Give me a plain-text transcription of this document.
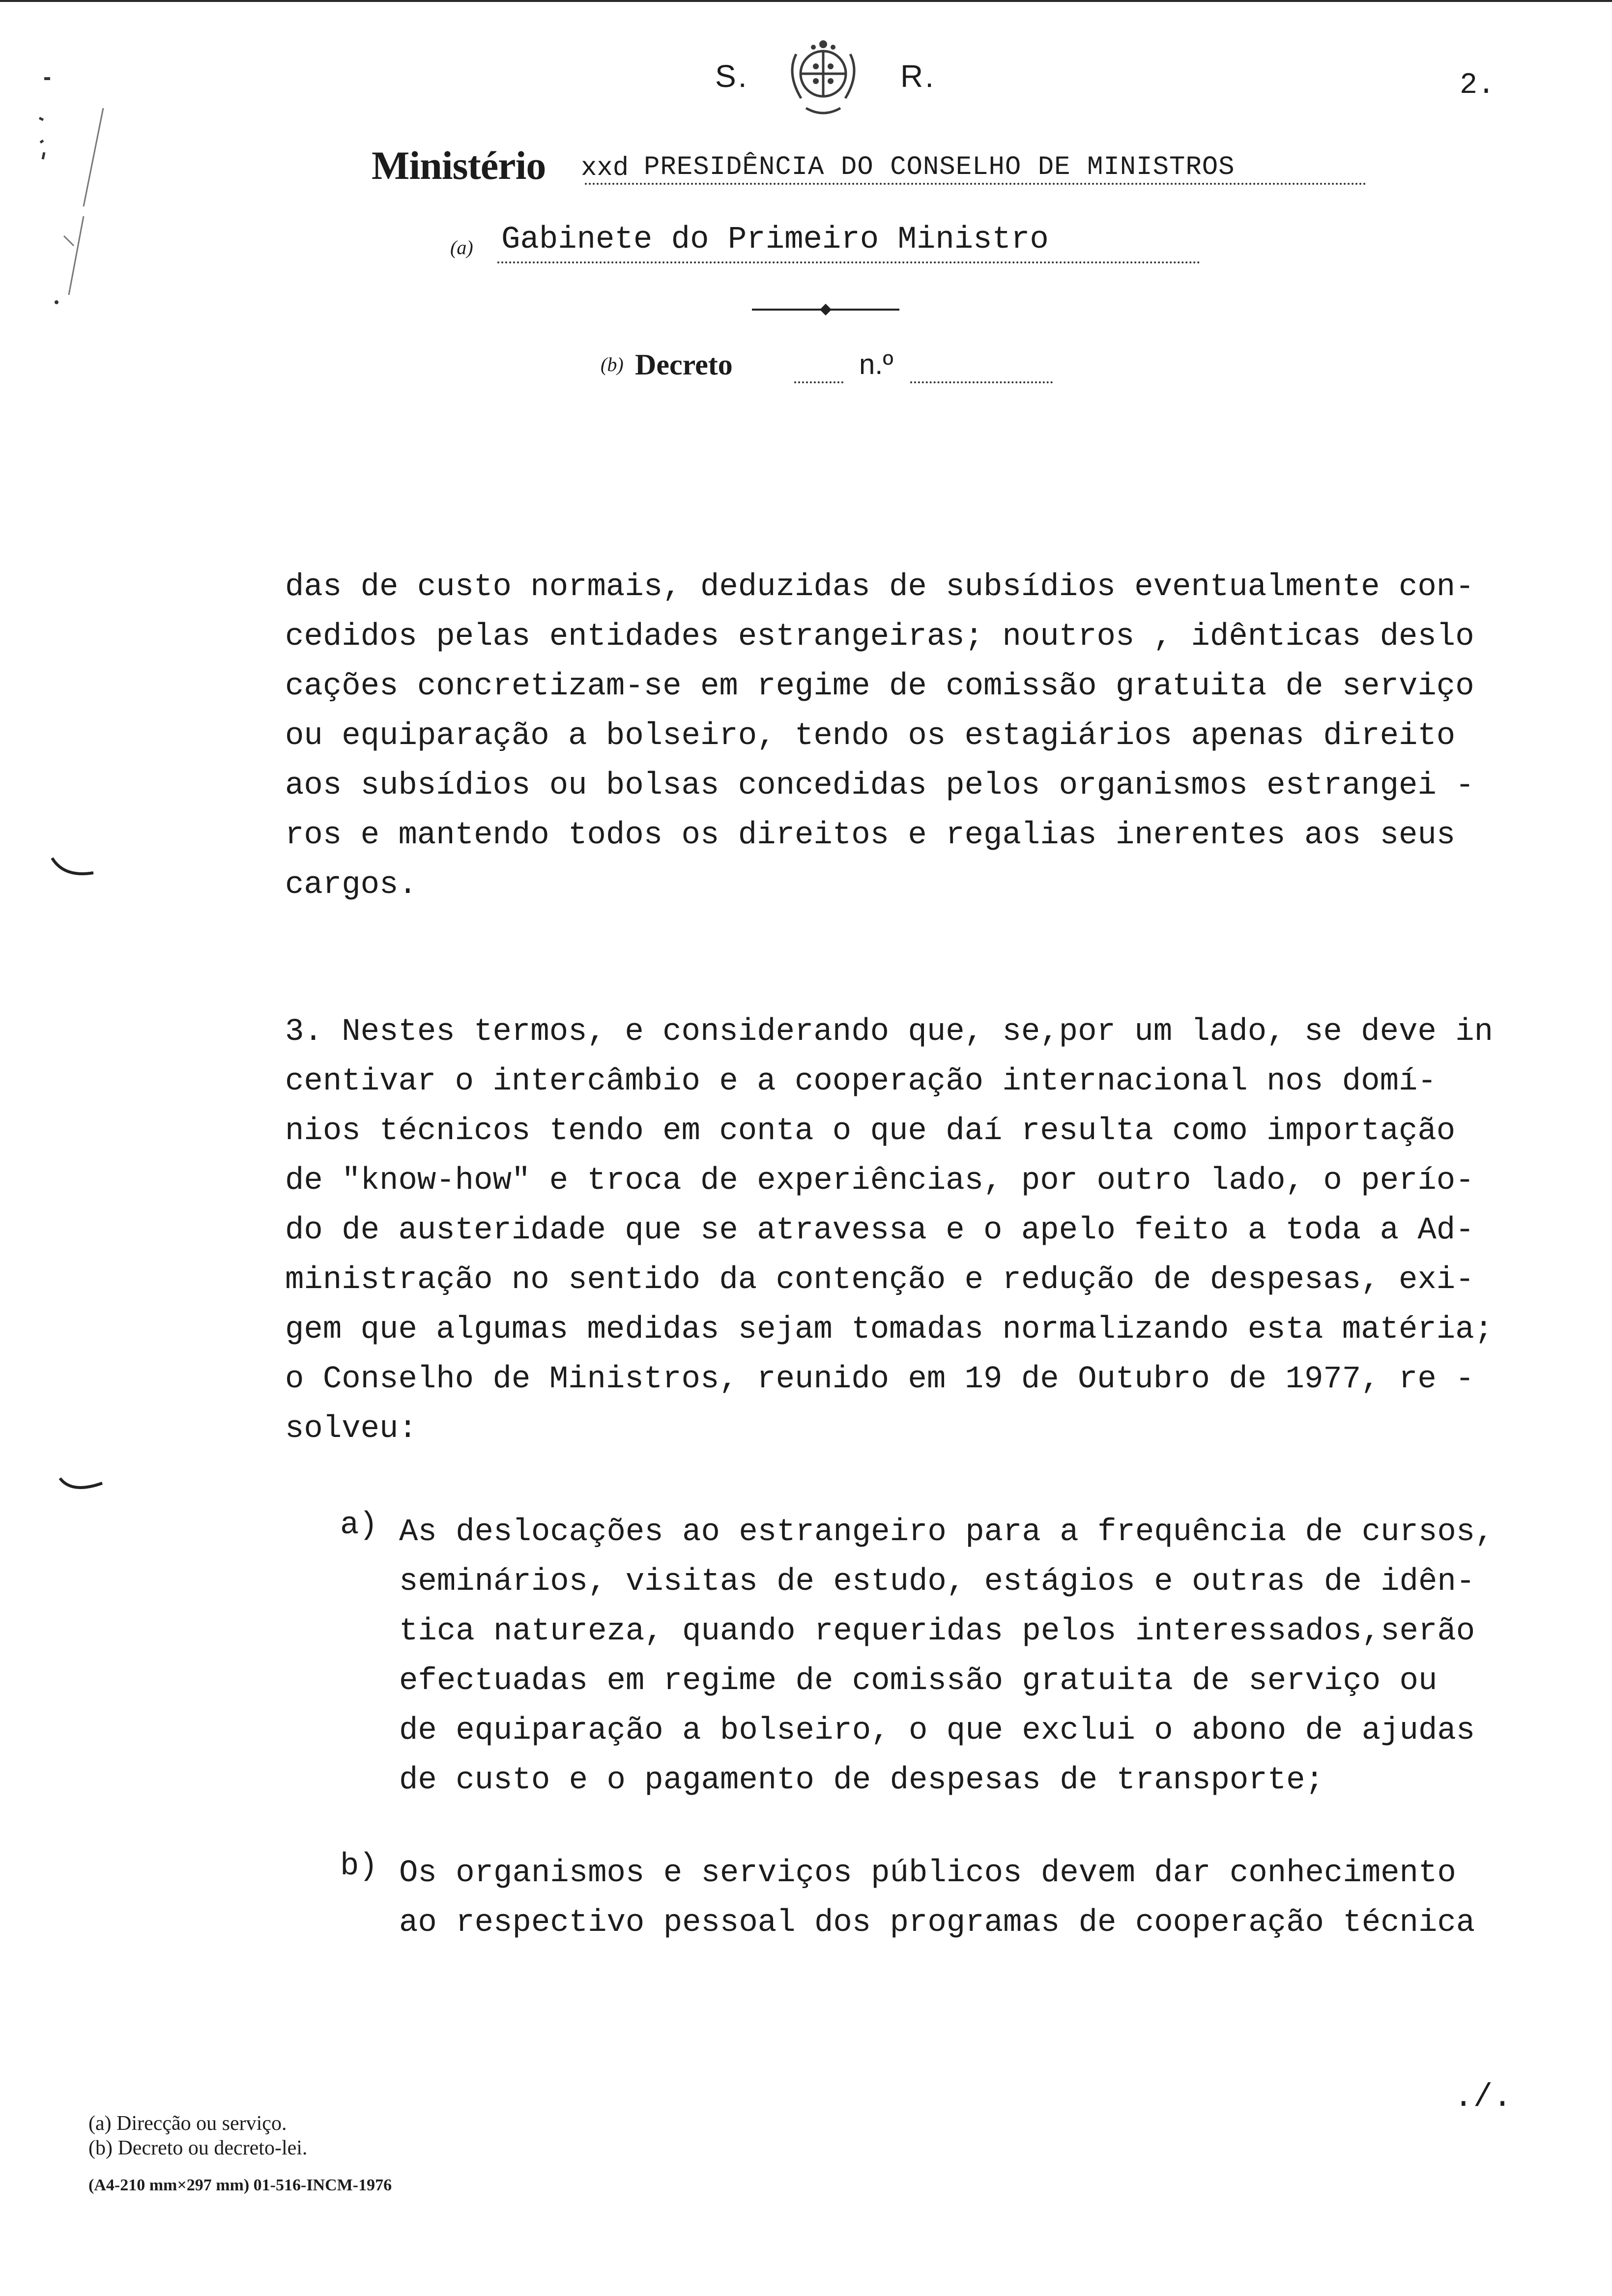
S.	R.	2.
Ministério xxd PRESIDÊNCIA DO CONSELHO DE MINISTROS
(a) Gabinete do Primeiro Ministro
(b) Decreto	n.º
das de custo normais, deduzidas de subsídios eventualmente con-
cedidos pelas entidades estrangeiras; noutros , idênticas deslo
cações concretizam-se em regime de comissão gratuita de serviço
ou equiparação a bolseiro, tendo os estagiários apenas direito
aos subsídios ou bolsas concedidas pelos organismos estrangei -
ros e mantendo todos os direitos e regalias inerentes aos seus
cargos.
3. Nestes termos, e considerando que, se,por um lado, se deve in
centivar o intercâmbio e a cooperação internacional nos domí-
nios técnicos tendo em conta o que daí resulta como importação
de "know-how" e troca de experiências, por outro lado, o perío-
do de austeridade que se atravessa e o apelo feito a toda a Ad-
ministração no sentido da contenção e redução de despesas, exi-
gem que algumas medidas sejam tomadas normalizando esta matéria;
o Conselho de Ministros, reunido em 19 de Outubro de 1977, re -
solveu:
a) As deslocações ao estrangeiro para a frequência de cursos,
seminários, visitas de estudo, estágios e outras de idên-
tica natureza, quando requeridas pelos interessados,serão
efectuadas em regime de comissão gratuita de serviço ou
de equiparação a bolseiro, o que exclui o abono de ajudas
de custo e o pagamento de despesas de transporte;
b) Os organismos e serviços públicos devem dar conhecimento
ao respectivo pessoal dos programas de cooperação técnica
./.
(a) Direcção ou serviço.
(b) Decreto ou decreto-lei.
(A4-210 mm×297 mm) 01-516-INCM-1976
